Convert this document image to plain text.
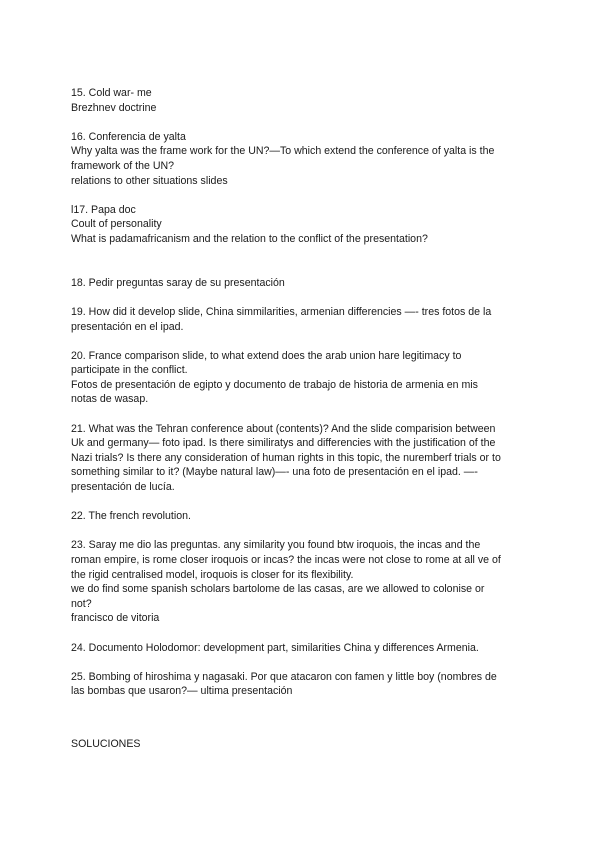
15. Cold war- me
Brezhnev doctrine
16. Conferencia de yalta
Why yalta was the frame work for the UN?—To which extend the conference of yalta is the
framework of the UN?
relations to other situations slides
l17. Papa doc
Coult of personality
What is padamafricanism and the relation to the conflict of the presentation?
18. Pedir preguntas saray de su presentación
19. How did it develop slide, China simmilarities, armenian differencies —- tres fotos de la
presentación en el ipad.
20. France comparison slide, to what extend does the arab union hare legitimacy to
participate in the conflict.
Fotos de presentación de egipto y documento de trabajo de historia de armenia en mis
notas de wasap.
21. What was the Tehran conference about (contents)? And the slide comparision between
Uk and germany— foto ipad. Is there similiratys and differencies with the justification of the
Nazi trials? Is there any consideration of human rights in this topic, the nuremberf trials or to
something similar to it? (Maybe natural law)—- una foto de presentación en el ipad. —-
presentación de lucía.
22. The french revolution.
23. Saray me dio las preguntas. any similarity you found btw iroquois, the incas and the
roman empire, is rome closer iroquois or incas? the incas were not close to rome at all ve of
the rigid centralised model, iroquois is closer for its flexibility.
we do find some spanish scholars bartolome de las casas, are we allowed to colonise or
not?
francisco de vitoria
24. Documento Holodomor: development part, similarities China y differences Armenia.
25. Bombing of hiroshima y nagasaki. Por que atacaron con famen y little boy (nombres de
las bombas que usaron?— ultima presentación
SOLUCIONES
